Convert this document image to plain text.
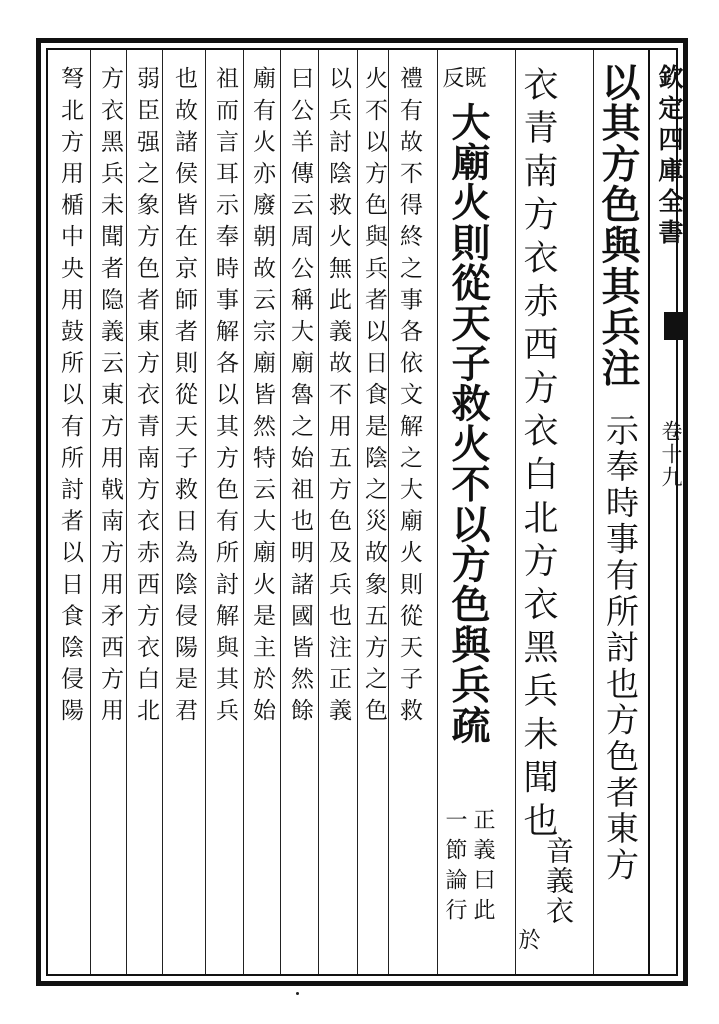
欽定四庫全書
卷十九
以其方色與其兵注
示奉時事有所討也方色者東方
衣青南方衣赤西方衣白北方衣黑兵未聞也
音義衣
於
既
反
大廟火則從天子救火不以方色與兵疏
正義曰此
一節論行
禮有故不得終之事各依文解之大廟火則從天子救
火不以方色與兵者以日食是陰之災故象五方之色
以兵討陰救火無此義故不用五方色及兵也注正義
曰公羊傳云周公稱大廟魯之始祖也明諸國皆然餘
廟有火亦廢朝故云宗廟皆然特云大廟火是主於始
祖而言耳示奉時事解各以其方色有所討解與其兵
也故諸侯皆在京師者則從天子救日為陰侵陽是君
弱臣强之象方色者東方衣青南方衣赤西方衣白北
方衣黑兵未聞者隐義云東方用戟南方用矛西方用
弩北方用楯中央用鼓所以有所討者以日食陰侵陽
